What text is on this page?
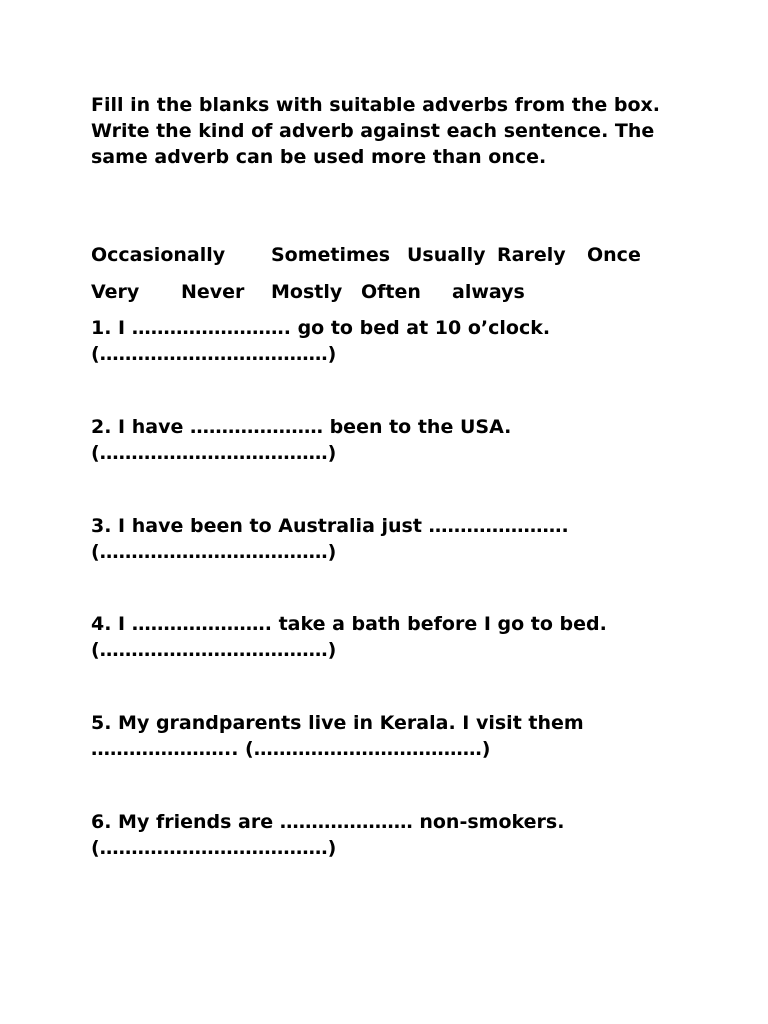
Fill in the blanks with suitable adverbs from the box. Write the kind of adverb against each sentence. The same adverb can be used more than once.

Occasionally Sometimes Usually Rarely Once
Very Never Mostly Often always
1. I ……………………. go to bed at 10 o’clock.
(………………………………)
2. I have ………………… been to the USA.
(………………………………)
3. I have been to Australia just ………………….
(………………………………)
4. I …………………. take a bath before I go to bed.
(………………………………)
5. My grandparents live in Kerala. I visit them
………………….. (………………………………)
6. My friends are ………………… non-smokers.
(………………………………)
